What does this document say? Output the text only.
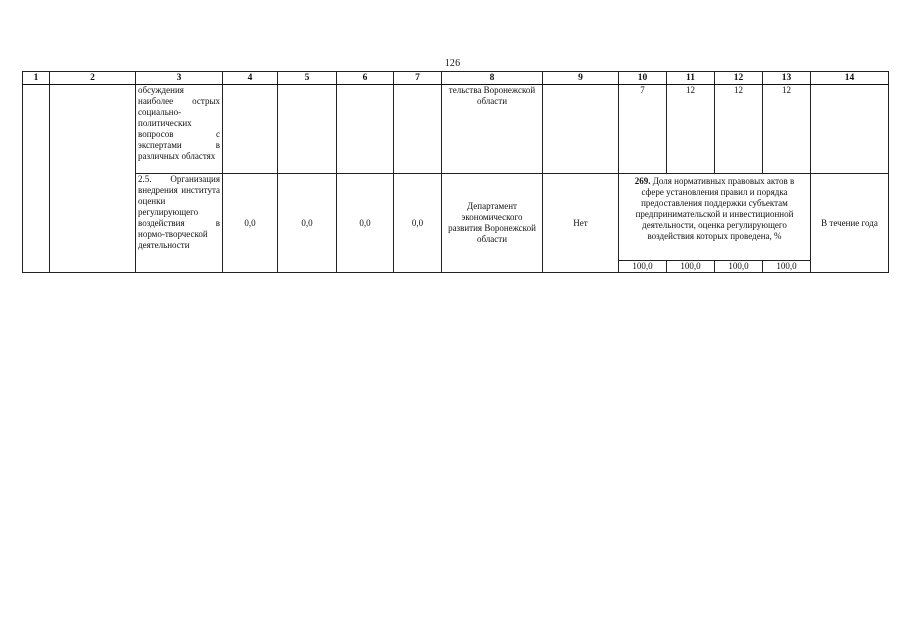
126
1	2	3	4	5	6	7	8	9	10	11	12	13	14
		обсуждения наиболее острых социально-политических вопросов с экспертами в различных областях					тельства Воронежской области		7	12	12	12	
		2.5. Организация внедрения института оценки регулирующего воздействия в нормо-творческой деятельности	0,0	0,0	0,0	0,0	Департамент экономического развития Воронежской области	Нет	269. Доля нормативных правовых актов в сфере установления правил и порядка предоставления поддержки субъектам предпринимательской и инвестиционной деятельности, оценка регулирующего воздействия которых проведена, %				В течение года
									100,0	100,0	100,0	100,0	
